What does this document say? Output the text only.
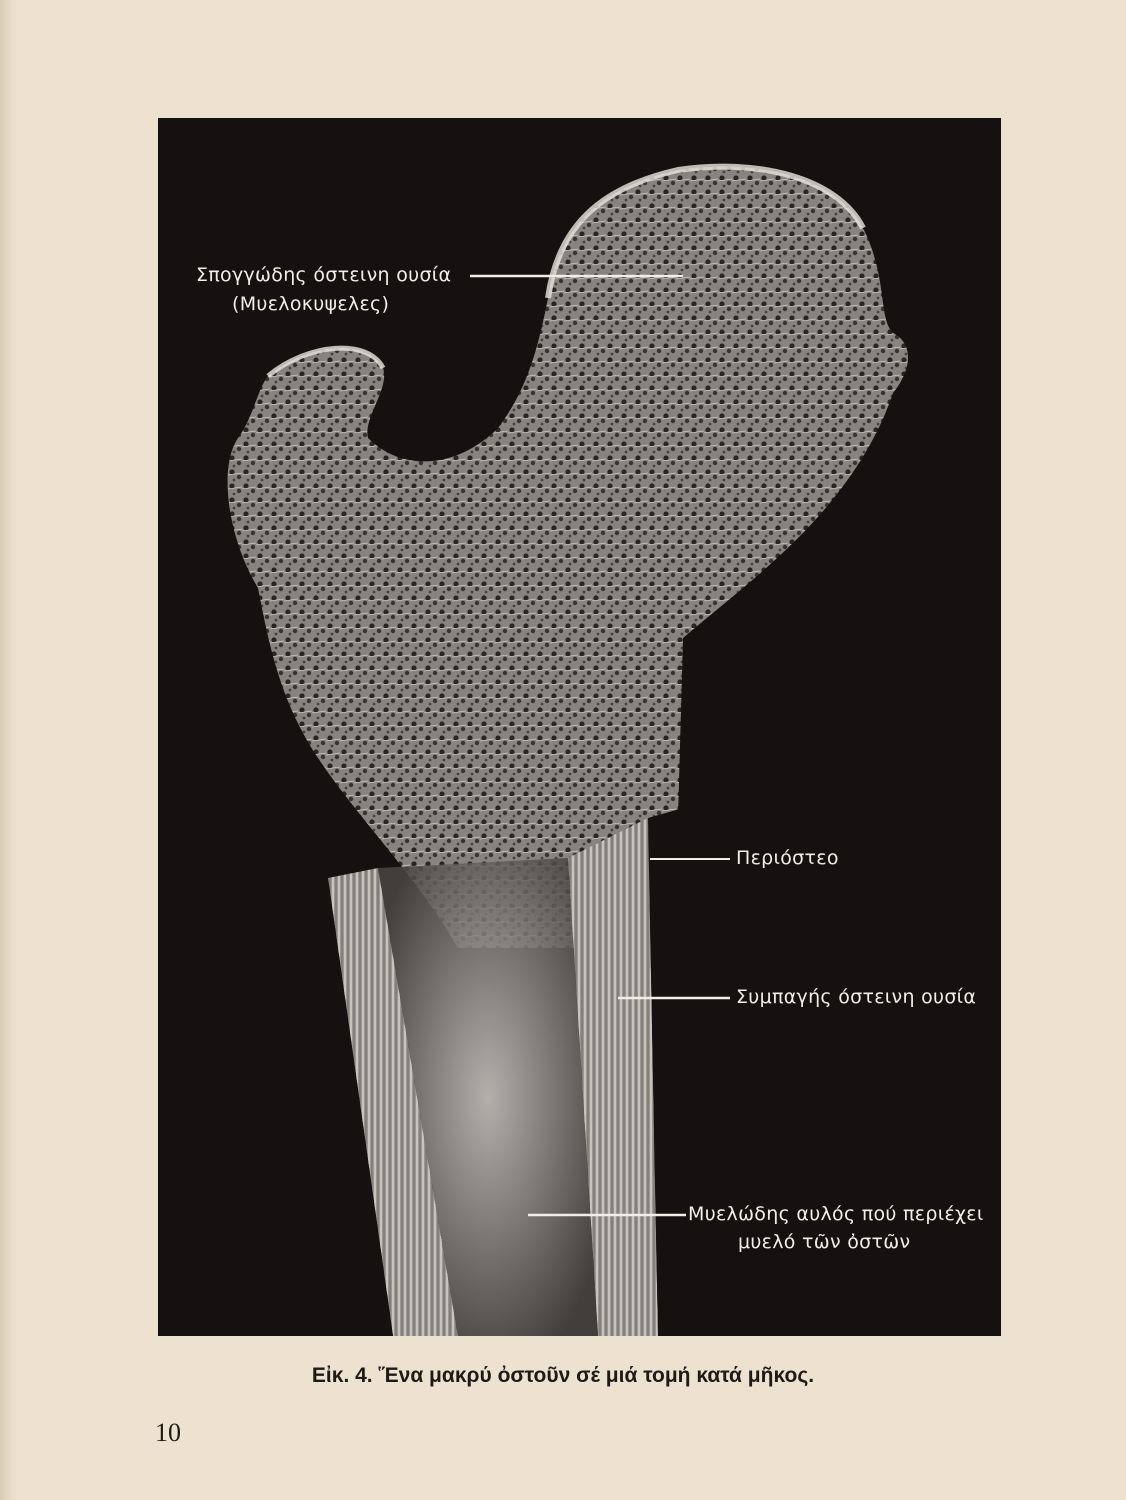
Σπογγώδης όστεινη ουσία
(Μυελοκυψελες)
Περιόστεο
Συμπαγής όστεινη ουσία
Μυελώδης αυλός πού περιέχει
μυελό τῶν ὀστῶν
Εἰκ. 4. Ἕνα μακρύ ὀστοῦν σέ μιά τομή κατά μῆκος.
10
